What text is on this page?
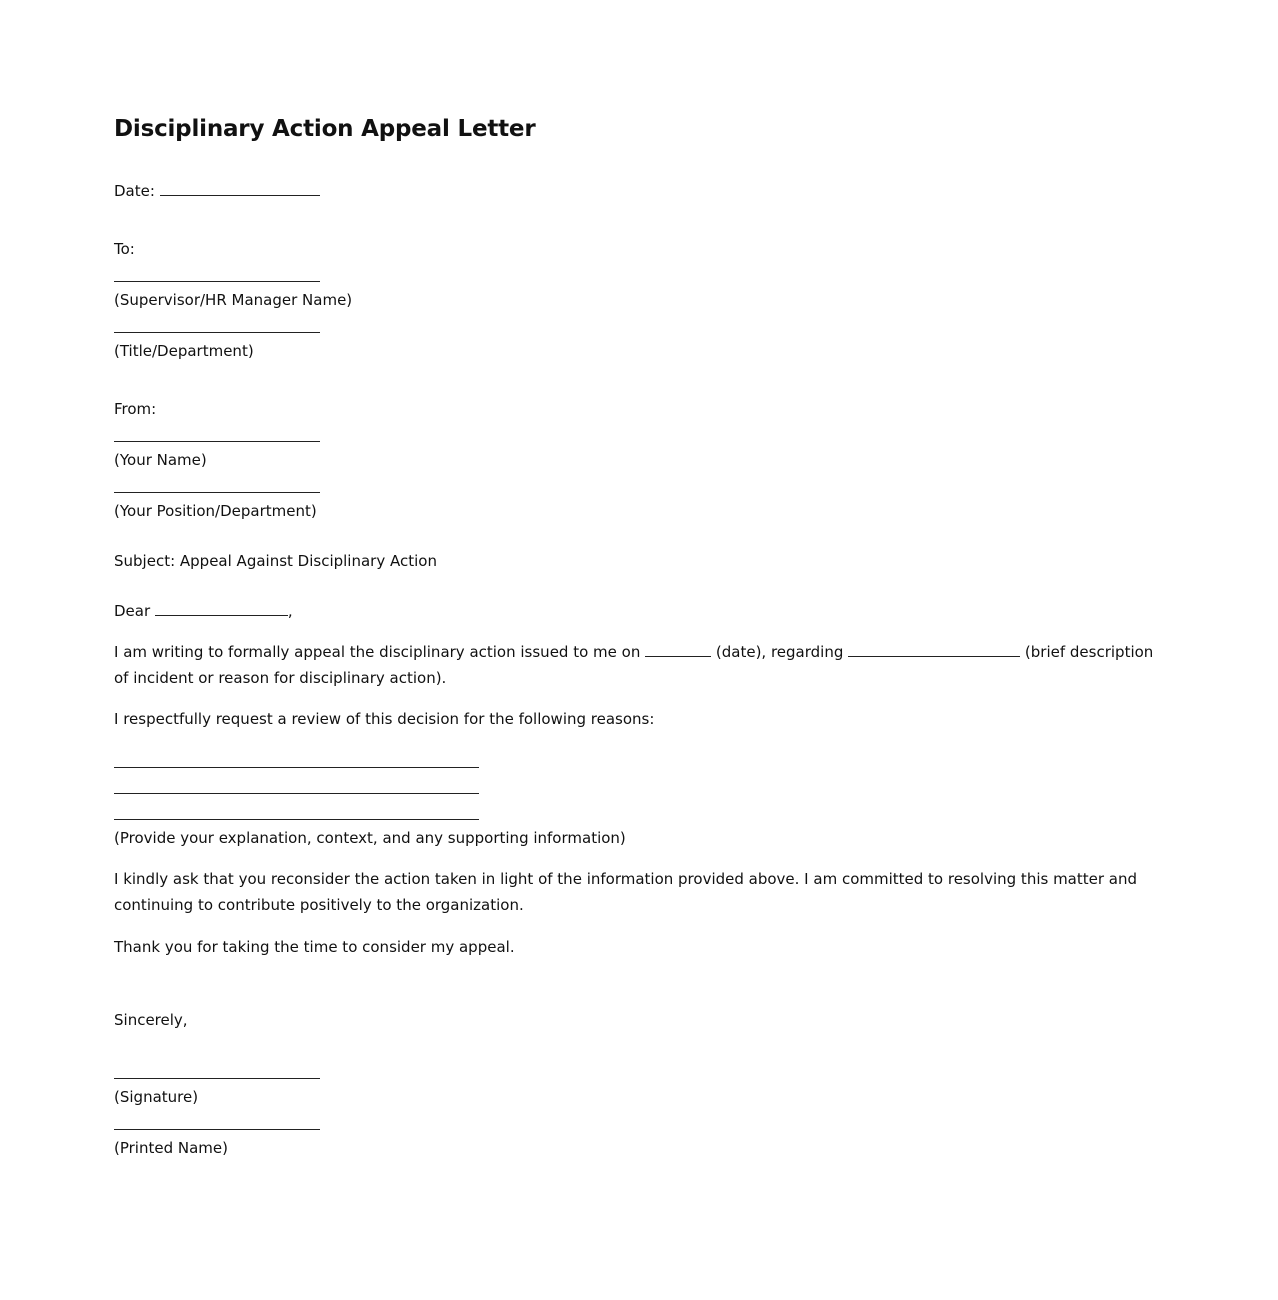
Disciplinary Action Appeal Letter
Date:
To:
(Supervisor/HR Manager Name)
(Title/Department)
From:
(Your Name)
(Your Position/Department)
Subject: Appeal Against Disciplinary Action
Dear	,
I am writing to formally appeal the disciplinary action issued to me on	(date), regarding	(brief description of incident or reason for disciplinary action).
I respectfully request a review of this decision for the following reasons:
(Provide your explanation, context, and any supporting information)
I kindly ask that you reconsider the action taken in light of the information provided above. I am committed to resolving this matter and continuing to contribute positively to the organization.
Thank you for taking the time to consider my appeal.
Sincerely,
(Signature)
(Printed Name)
